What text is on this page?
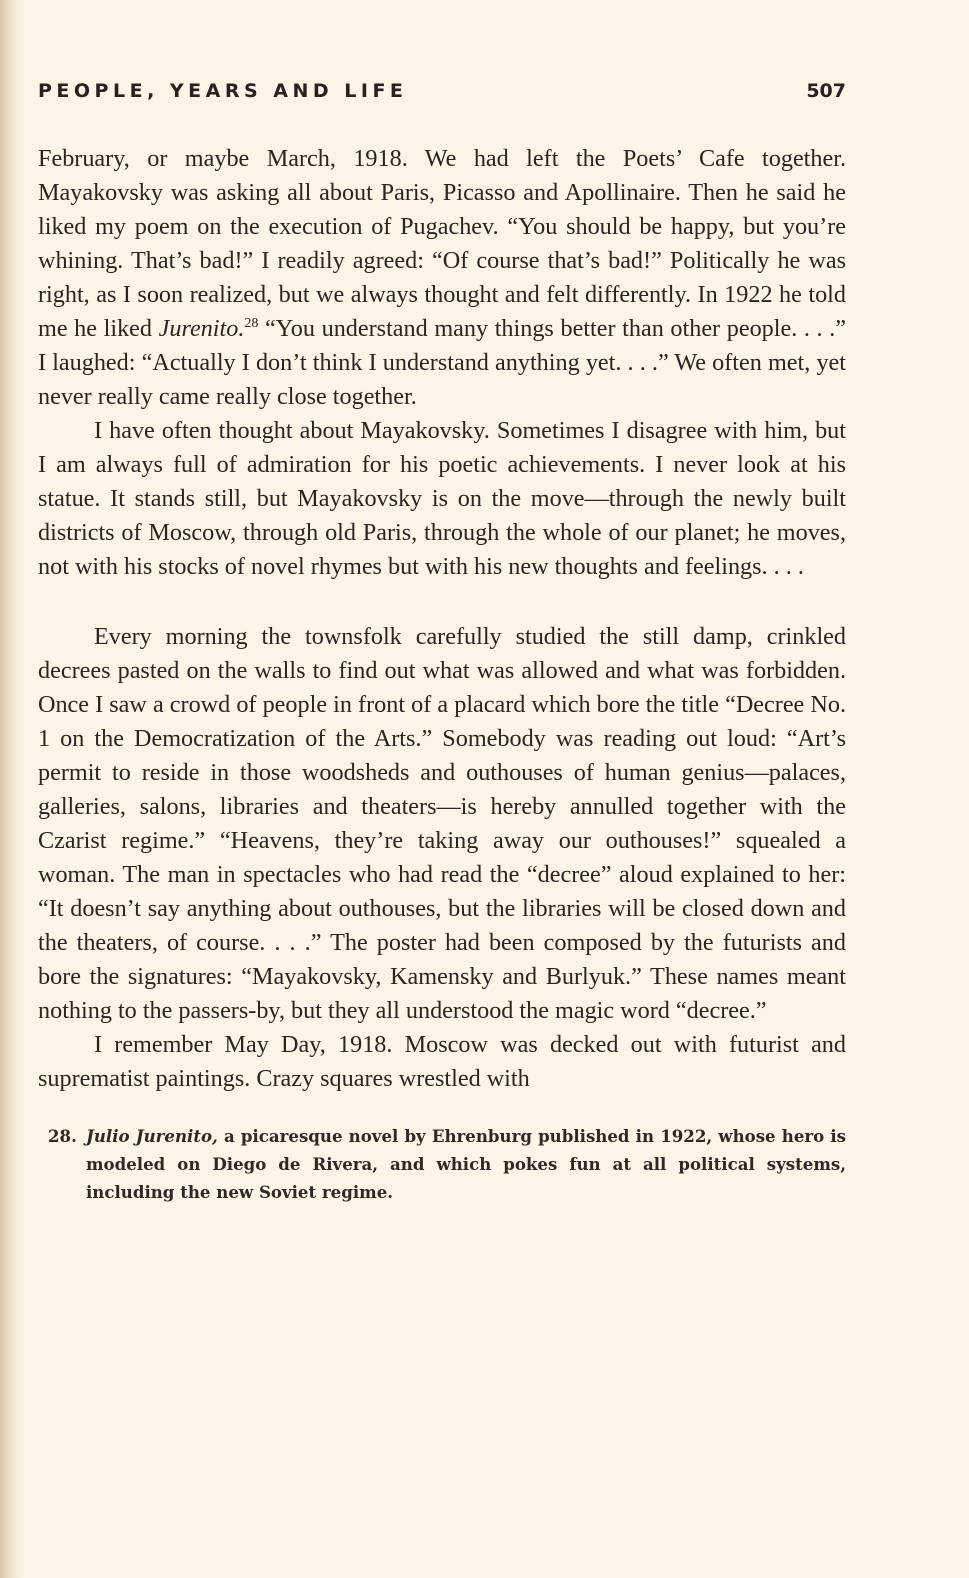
PEOPLE, YEARS AND LIFE	507

February, or maybe March, 1918. We had left the Poets’ Cafe together. Mayakovsky was asking all about Paris, Picasso and Apollinaire. Then he said he liked my poem on the execution of Pugachev. “You should be happy, but you’re whining. That’s bad!” I readily agreed: “Of course that’s bad!” Politically he was right, as I soon realized, but we always thought and felt differently. In 1922 he told me he liked Jurenito.$^{28}$ “You understand many things better than other people. . . .” I laughed: “Actually I don’t think I understand anything yet. . . .” We often met, yet never really came really close together.

I have often thought about Mayakovsky. Sometimes I disagree with him, but I am always full of admiration for his poetic achievements. I never look at his statue. It stands still, but Mayakovsky is on the move—through the newly built districts of Moscow, through old Paris, through the whole of our planet; he moves, not with his stocks of novel rhymes but with his new thoughts and feelings. . . .

Every morning the townsfolk carefully studied the still damp, crinkled decrees pasted on the walls to find out what was allowed and what was forbidden. Once I saw a crowd of people in front of a placard which bore the title “Decree No. 1 on the Democratization of the Arts.” Somebody was reading out loud: “Art’s permit to reside in those woodsheds and outhouses of human genius—palaces, galleries, salons, libraries and theaters—is hereby annulled together with the Czarist regime.” “Heavens, they’re taking away our outhouses!” squealed a woman. The man in spectacles who had read the “decree” aloud explained to her: “It doesn’t say anything about outhouses, but the libraries will be closed down and the theaters, of course. . . .” The poster had been composed by the futurists and bore the signatures: “Mayakovsky, Kamensky and Burlyuk.” These names meant nothing to the passers-by, but they all understood the magic word “decree.”

I remember May Day, 1918. Moscow was decked out with futurist and suprematist paintings. Crazy squares wrestled with

28. Julio Jurenito, a picaresque novel by Ehrenburg published in 1922, whose hero is modeled on Diego de Rivera, and which pokes fun at all political systems, including the new Soviet regime.
